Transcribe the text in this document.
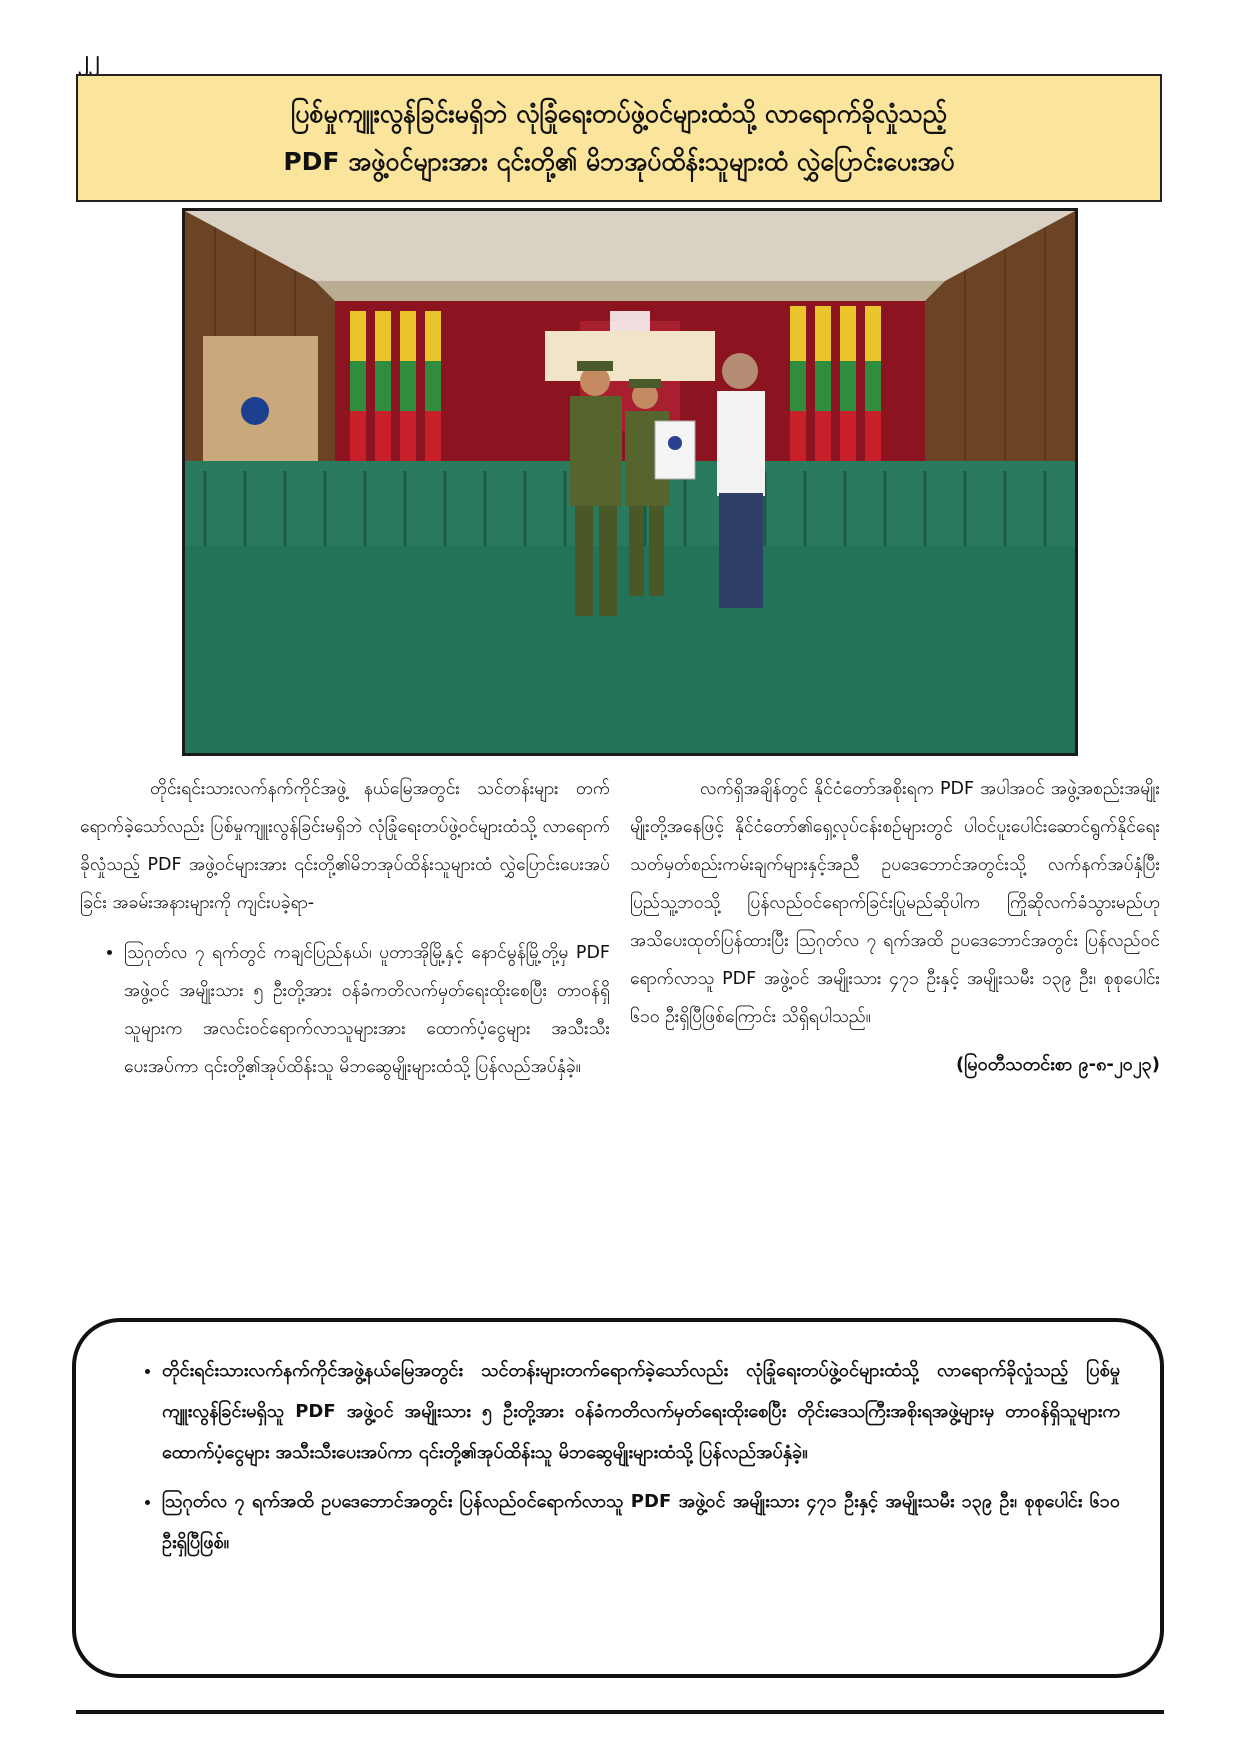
၂၂
ပြစ်မှုကျူးလွန်ခြင်းမရှိဘဲ လုံခြုံရေးတပ်ဖွဲ့ဝင်များထံသို့ လာရောက်ခိုလှုံသည့်
PDF အဖွဲ့ဝင်များအား ၎င်းတို့၏ မိဘအုပ်ထိန်းသူများထံ လွှဲပြောင်းပေးအပ်

တိုင်းရင်းသားလက်နက်ကိုင်အဖွဲ့ နယ်မြေအတွင်း သင်တန်းများ တက်ရောက်ခဲ့သော်လည်း ပြစ်မှုကျူးလွန်ခြင်းမရှိဘဲ လုံခြုံရေးတပ်ဖွဲ့ဝင်များထံသို့ လာရောက်ခိုလှုံသည့် PDF အဖွဲ့ဝင်များအား ၎င်းတို့၏မိဘအုပ်ထိန်းသူများထံ လွှဲပြောင်းပေးအပ်ခြင်း အခမ်းအနားများကို ကျင်းပခဲ့ရာ-

• ဩဂုတ်လ ၇ ရက်တွင် ကချင်ပြည်နယ်၊ ပူတာအိုမြို့နှင့် နောင်မွန်မြို့တို့မှ PDF အဖွဲ့ဝင် အမျိုးသား ၅ ဦးတို့အား ဝန်ခံကတိလက်မှတ်ရေးထိုးစေပြီး တာဝန်ရှိသူများက အလင်းဝင်ရောက်လာသူများအား ထောက်ပံ့ငွေများ အသီးသီးပေးအပ်ကာ ၎င်းတို့၏အုပ်ထိန်းသူ မိဘဆွေမျိုးများထံသို့ ပြန်လည်အပ်နှံခဲ့။

လက်ရှိအချိန်တွင် နိုင်ငံတော်အစိုးရက PDF အပါအဝင် အဖွဲ့အစည်းအမျိုးမျိုးတို့အနေဖြင့် နိုင်ငံတော်၏ရှေ့လုပ်ငန်းစဉ်များတွင် ပါဝင်ပူးပေါင်းဆောင်ရွက်နိုင်ရေး သတ်မှတ်စည်းကမ်းချက်များနှင့်အညီ ဥပဒေဘောင်အတွင်းသို့ လက်နက်အပ်နှံပြီး ပြည်သူ့ဘဝသို့ ပြန်လည်ဝင်ရောက်ခြင်းပြုမည်ဆိုပါက ကြိုဆိုလက်ခံသွားမည်ဟု အသိပေးထုတ်ပြန်ထားပြီး ဩဂုတ်လ ၇ ရက်အထိ ဥပဒေဘောင်အတွင်း ပြန်လည်ဝင်ရောက်လာသူ PDF အဖွဲ့ဝင် အမျိုးသား ၄၇၁ ဦးနှင့် အမျိုးသမီး ၁၃၉ ဦး၊ စုစုပေါင်း ၆၁၀ ဦးရှိပြီဖြစ်ကြောင်း သိရှိရပါသည်။

(မြဝတီသတင်းစာ ၉-၈-၂၀၂၃)
• တိုင်းရင်းသားလက်နက်ကိုင်အဖွဲ့နယ်မြေအတွင်း သင်တန်းများတက်ရောက်ခဲ့သော်လည်း လုံခြုံရေးတပ်ဖွဲ့ဝင်များထံသို့ လာရောက်ခိုလှုံသည့် ပြစ်မှုကျူးလွန်ခြင်းမရှိသူ PDF အဖွဲ့ဝင် အမျိုးသား ၅ ဦးတို့အား ဝန်ခံကတိလက်မှတ်ရေးထိုးစေပြီး တိုင်းဒေသကြီးအစိုးရအဖွဲ့များမှ တာဝန်ရှိသူများက ထောက်ပံ့ငွေများ အသီးသီးပေးအပ်ကာ ၎င်းတို့၏အုပ်ထိန်းသူ မိဘဆွေမျိုးများထံသို့ ပြန်လည်အပ်နှံခဲ့။
• ဩဂုတ်လ ၇ ရက်အထိ ဥပဒေဘောင်အတွင်း ပြန်လည်ဝင်ရောက်လာသူ PDF အဖွဲ့ဝင် အမျိုးသား ၄၇၁ ဦးနှင့် အမျိုးသမီး ၁၃၉ ဦး၊ စုစုပေါင်း ၆၁၀ ဦးရှိပြီဖြစ်။
